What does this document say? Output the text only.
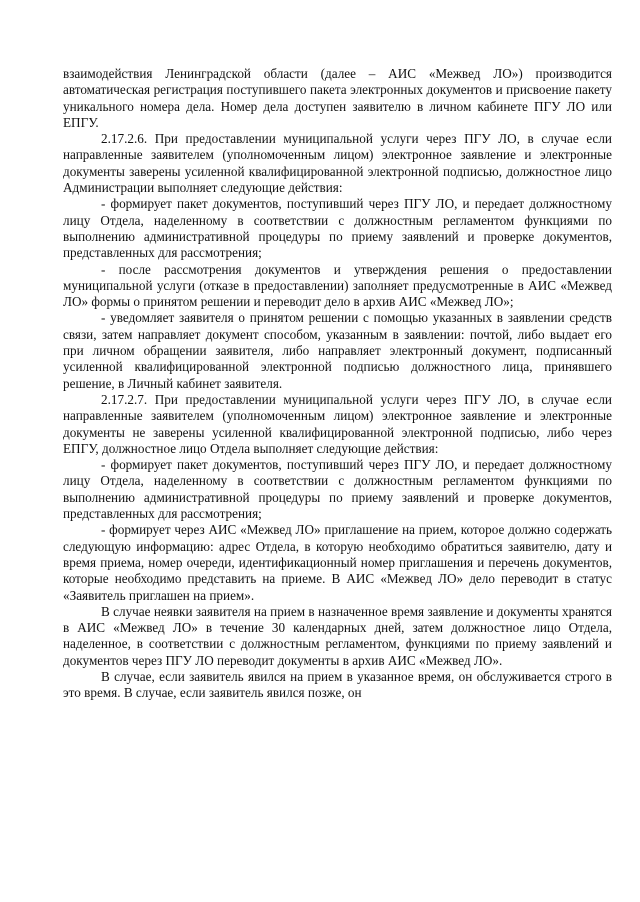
взаимодействия Ленинградской области (далее – АИС «Межвед ЛО») производится автоматическая регистрация поступившего пакета электронных документов и присвоение пакету уникального номера дела. Номер дела доступен заявителю в личном кабинете ПГУ ЛО или ЕПГУ.

2.17.2.6. При предоставлении муниципальной услуги через ПГУ ЛО, в случае если направленные заявителем (уполномоченным лицом) электронное заявление и электронные документы заверены усиленной квалифицированной электронной подписью, должностное лицо Администрации выполняет следующие действия:

- формирует пакет документов, поступивший через ПГУ ЛО, и передает должностному лицу Отдела, наделенному в соответствии с должностным регламентом функциями по выполнению административной процедуры по приему заявлений и проверке документов, представленных для рассмотрения;

- после рассмотрения документов и утверждения решения о предоставлении муниципальной услуги (отказе в предоставлении) заполняет предусмотренные в АИС «Межвед ЛО» формы о принятом решении и переводит дело в архив АИС «Межвед ЛО»;

- уведомляет заявителя о принятом решении с помощью указанных в заявлении средств связи, затем направляет документ способом, указанным в заявлении: почтой, либо выдает его при личном обращении заявителя, либо направляет электронный документ, подписанный усиленной квалифицированной электронной подписью должностного лица, принявшего решение, в Личный кабинет заявителя.

2.17.2.7. При предоставлении муниципальной услуги через ПГУ ЛО, в случае если направленные заявителем (уполномоченным лицом) электронное заявление и электронные документы не заверены усиленной квалифицированной электронной подписью, либо через ЕПГУ, должностное лицо Отдела выполняет следующие действия:

- формирует пакет документов, поступивший через ПГУ ЛО, и передает должностному лицу Отдела, наделенному в соответствии с должностным регламентом функциями по выполнению административной процедуры по приему заявлений и проверке документов, представленных для рассмотрения;

- формирует через АИС «Межвед ЛО» приглашение на прием, которое должно содержать следующую информацию: адрес Отдела, в которую необходимо обратиться заявителю, дату и время приема, номер очереди, идентификационный номер приглашения и перечень документов, которые необходимо представить на приеме. В АИС «Межвед ЛО» дело переводит в статус «Заявитель приглашен на прием».

В случае неявки заявителя на прием в назначенное время заявление и документы хранятся в АИС «Межвед ЛО» в течение 30 календарных дней, затем должностное лицо Отдела, наделенное, в соответствии с должностным регламентом, функциями по приему заявлений и документов через ПГУ ЛО переводит документы в архив АИС «Межвед ЛО».

В случае, если заявитель явился на прием в указанное время, он обслуживается строго в это время. В случае, если заявитель явился позже, он
